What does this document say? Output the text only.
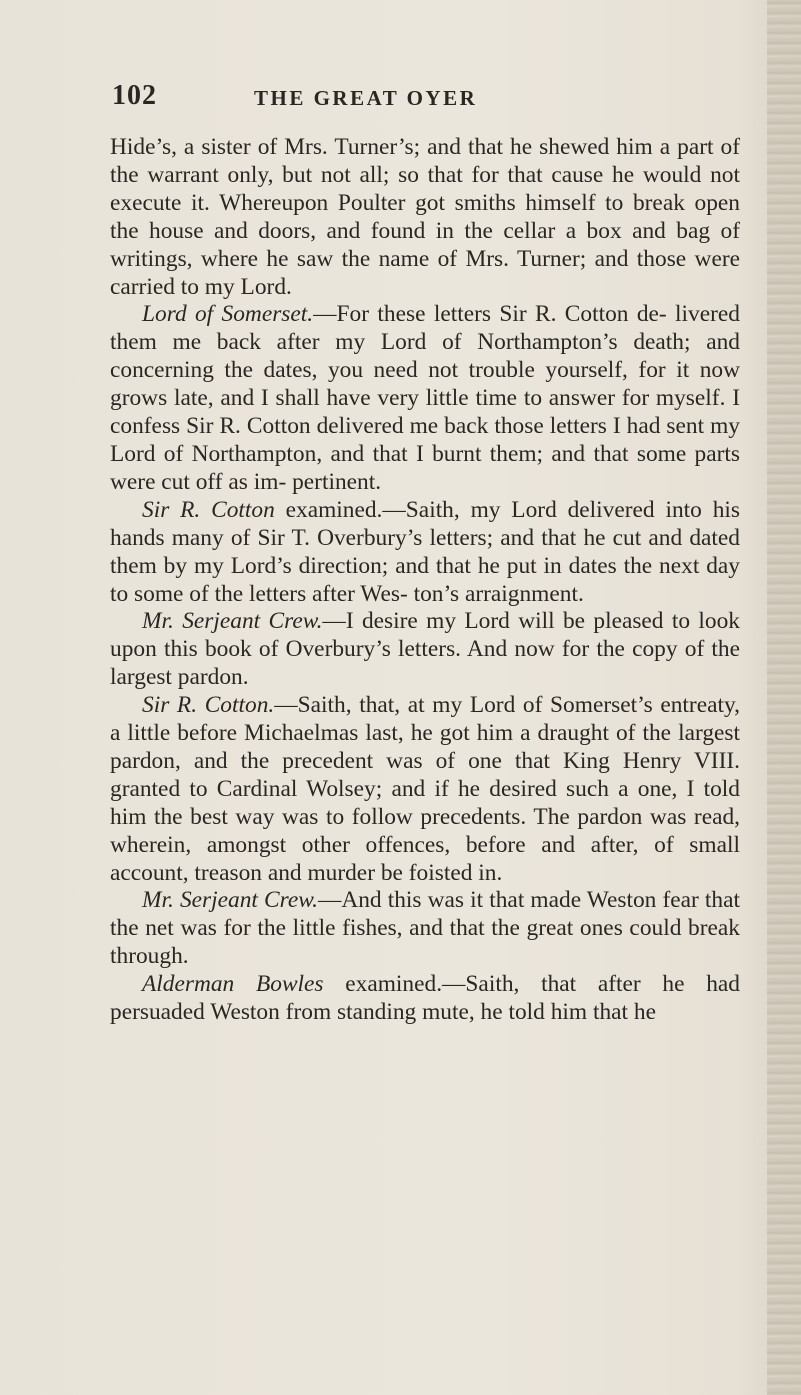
102	THE GREAT OYER

Hide’s, a sister of Mrs. Turner’s; and that he shewed him a part of the warrant only, but not all; so that for that cause he would not execute it. Whereupon Poulter got smiths himself to break open the house and doors, and found in the cellar a box and bag of writings, where he saw the name of Mrs. Turner; and those were carried to my Lord.

Lord of Somerset.—For these letters Sir R. Cotton de- livered them me back after my Lord of Northampton’s death; and concerning the dates, you need not trouble yourself, for it now grows late, and I shall have very little time to answer for myself. I confess Sir R. Cotton delivered me back those letters I had sent my Lord of Northampton, and that I burnt them; and that some parts were cut off as im- pertinent.

Sir R. Cotton examined.—Saith, my Lord delivered into his hands many of Sir T. Overbury’s letters; and that he cut and dated them by my Lord’s direction; and that he put in dates the next day to some of the letters after Wes- ton’s arraignment.

Mr. Serjeant Crew.—I desire my Lord will be pleased to look upon this book of Overbury’s letters. And now for the copy of the largest pardon.

Sir R. Cotton.—Saith, that, at my Lord of Somerset’s entreaty, a little before Michaelmas last, he got him a draught of the largest pardon, and the precedent was of one that King Henry VIII. granted to Cardinal Wolsey; and if he desired such a one, I told him the best way was to follow precedents. The pardon was read, wherein, amongst other offences, before and after, of small account, treason and murder be foisted in.

Mr. Serjeant Crew.—And this was it that made Weston fear that the net was for the little fishes, and that the great ones could break through.

Alderman Bowles examined.—Saith, that after he had persuaded Weston from standing mute, he told him that he
